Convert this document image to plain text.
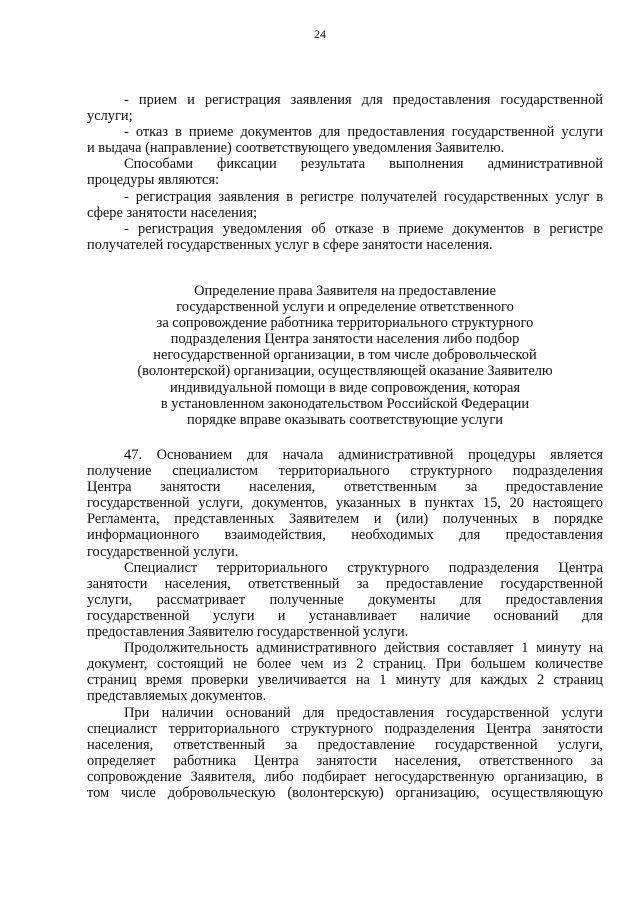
24
- прием и регистрация заявления для предоставления государственной
услуги;
- отказ в приеме документов для предоставления государственной услуги
и выдача (направление) соответствующего уведомления Заявителю.
Способами фиксации результата выполнения административной
процедуры являются:
- регистрация заявления в регистре получателей государственных услуг в
сфере занятости населения;
- регистрация уведомления об отказе в приеме документов в регистре
получателей государственных услуг в сфере занятости населения.
Определение права Заявителя на предоставление
государственной услуги и определение ответственного
за сопровождение работника территориального структурного
подразделения Центра занятости населения либо подбор
негосударственной организации, в том числе добровольческой
(волонтерской) организации, осуществляющей оказание Заявителю
индивидуальной помощи в виде сопровождения, которая
в установленном законодательством Российской Федерации
порядке вправе оказывать соответствующие услуги
47. Основанием для начала административной процедуры является
получение специалистом территориального структурного подразделения
Центра занятости населения, ответственным за предоставление
государственной услуги, документов, указанных в пунктах 15, 20 настоящего
Регламента, представленных Заявителем и (или) полученных в порядке
информационного взаимодействия, необходимых для предоставления
государственной услуги.
Специалист территориального структурного подразделения Центра
занятости населения, ответственный за предоставление государственной
услуги, рассматривает полученные документы для предоставления
государственной услуги и устанавливает наличие оснований для
предоставления Заявителю государственной услуги.
Продолжительность административного действия составляет 1 минуту на
документ, состоящий не более чем из 2 страниц. При большем количестве
страниц время проверки увеличивается на 1 минуту для каждых 2 страниц
представляемых документов.
При наличии оснований для предоставления государственной услуги
специалист территориального структурного подразделения Центра занятости
населения, ответственный за предоставление государственной услуги,
определяет работника Центра занятости населения, ответственного за
сопровождение Заявителя, либо подбирает негосударственную организацию, в
том числе добровольческую (волонтерскую) организацию, осуществляющую
